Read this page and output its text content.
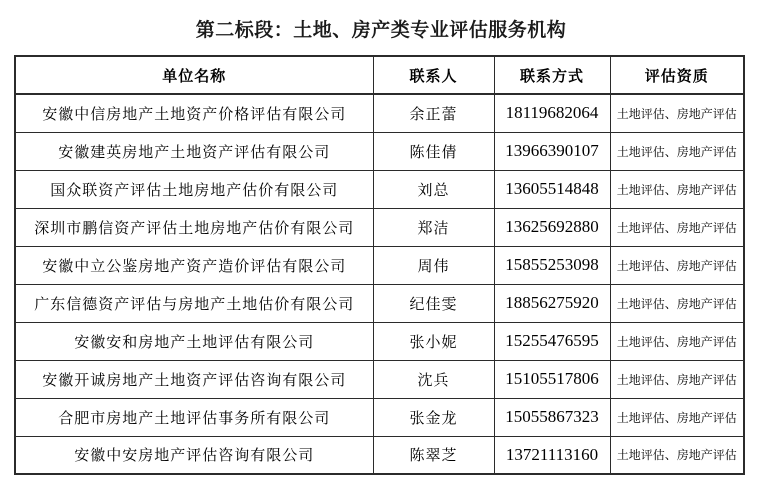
第二标段：土地、房产类专业评估服务机构
单位名称	联系人	联系方式	评估资质
安徽中信房地产土地资产价格评估有限公司	余正蕾	18119682064	土地评估、房地产评估
安徽建英房地产土地资产评估有限公司	陈佳倩	13966390107	土地评估、房地产评估
国众联资产评估土地房地产估价有限公司	刘总	13605514848	土地评估、房地产评估
深圳市鹏信资产评估土地房地产估价有限公司	郑洁	13625692880	土地评估、房地产评估
安徽中立公鉴房地产资产造价评估有限公司	周伟	15855253098	土地评估、房地产评估
广东信德资产评估与房地产土地估价有限公司	纪佳雯	18856275920	土地评估、房地产评估
安徽安和房地产土地评估有限公司	张小妮	15255476595	土地评估、房地产评估
安徽开诚房地产土地资产评估咨询有限公司	沈兵	15105517806	土地评估、房地产评估
合肥市房地产土地评估事务所有限公司	张金龙	15055867323	土地评估、房地产评估
安徽中安房地产评估咨询有限公司	陈翠芝	13721113160	土地评估、房地产评估
